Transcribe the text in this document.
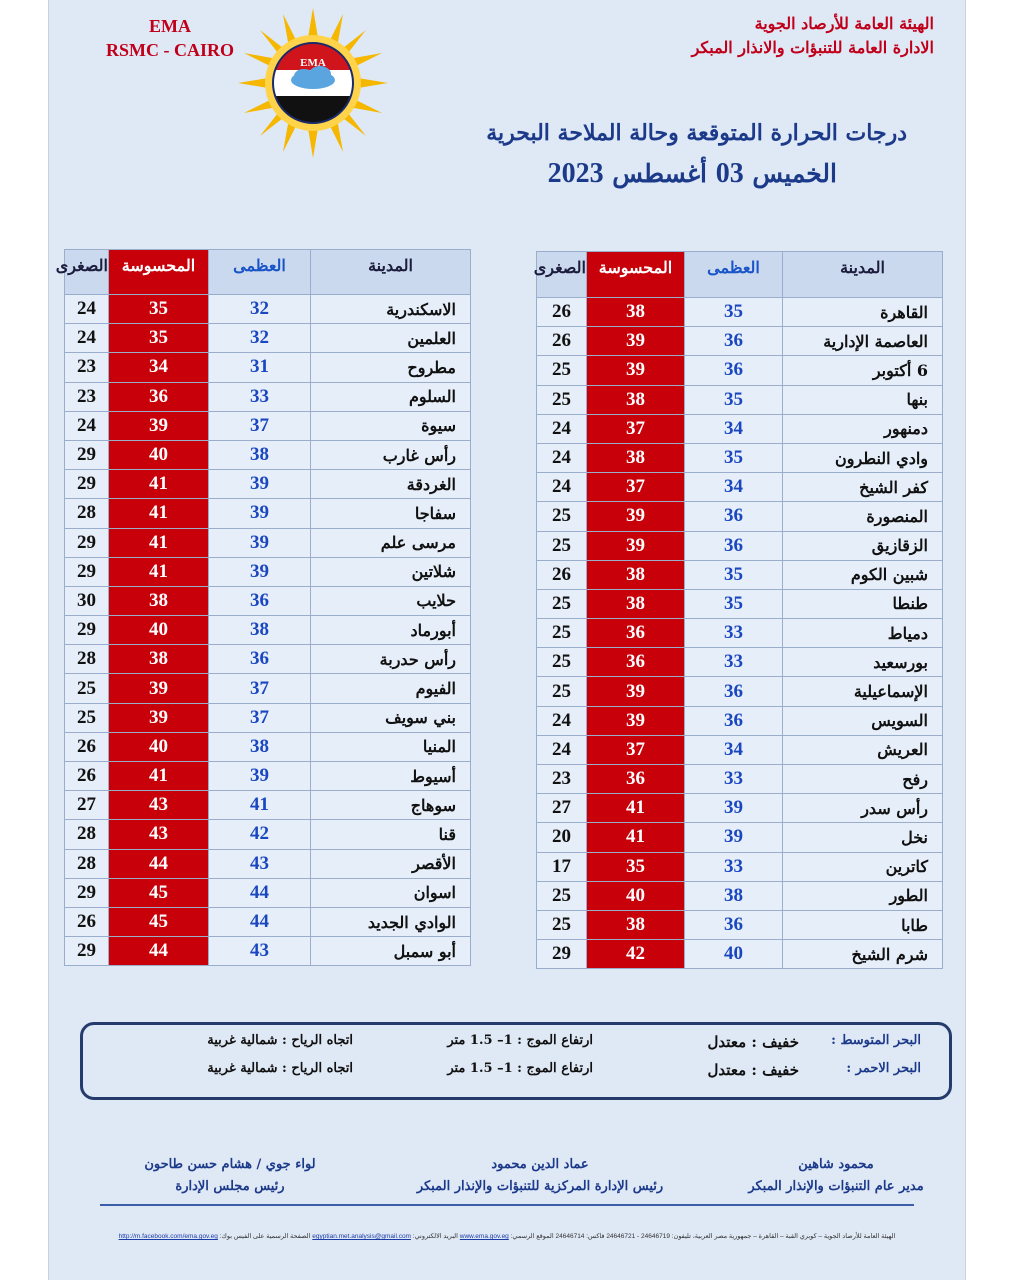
EMA
RSMC - CAIRO
EMA
الهيئة العامة للأرصاد الجوية
الادارة العامة للتنبؤات والانذار المبكر
درجات الحرارة المتوقعة وحالة الملاحة البحرية
الخميس 03 أغسطس 2023
المدينة	العظمى	المحسوسة	الصغرى
القاهرة	35	38	26
العاصمة الإدارية	36	39	26
6 أكتوبر	36	39	25
بنها	35	38	25
دمنهور	34	37	24
وادي النطرون	35	38	24
كفر الشيخ	34	37	24
المنصورة	36	39	25
الزقازيق	36	39	25
شبين الكوم	35	38	26
طنطا	35	38	25
دمياط	33	36	25
بورسعيد	33	36	25
الإسماعيلية	36	39	25
السويس	36	39	24
العريش	34	37	24
رفح	33	36	23
رأس سدر	39	41	27
نخل	39	41	20
كاترين	33	35	17
الطور	38	40	25
طابا	36	38	25
شرم الشيخ	40	42	29
المدينة	العظمى	المحسوسة	الصغرى
الاسكندرية	32	35	24
العلمين	32	35	24
مطروح	31	34	23
السلوم	33	36	23
سيوة	37	39	24
رأس غارب	38	40	29
الغردقة	39	41	29
سفاجا	39	41	28
مرسى علم	39	41	29
شلاتين	39	41	29
حلايب	36	38	30
أبورماد	38	40	29
رأس حدربة	36	38	28
الفيوم	37	39	25
بني سويف	37	39	25
المنيا	38	40	26
أسيوط	39	41	26
سوهاج	41	43	27
قنا	42	43	28
الأقصر	43	44	28
اسوان	44	45	29
الوادي الجديد	44	45	26
أبو سمبل	43	44	29
البحر المتوسط :
خفيف : معتدل
ارتفاع الموج : 1– 1.5 متر
اتجاه الرياح : شمالية غربية
البحر الاحمر :
خفيف : معتدل
ارتفاع الموج : 1– 1.5 متر
اتجاه الرياح : شمالية غربية
محمود شاهين
مدير عام التنبؤات والإنذار المبكر
عماد الدين محمود
رئيس الإدارة المركزية للتنبؤات والإنذار المبكر
لواء جوي / هشام حسن طاحون
رئيس مجلس الإدارة
الهيئة العامة للأرصاد الجوية – كوبري القبة – القاهرة – جمهورية مصر العربية، تليفون: 24646719 - 24646721 فاكس: 24646714 الموقع الرسمي: www.ema.gov.eg البريد الالكتروني: egyptian.met.analysis@gmail.com الصفحة الرسمية على الفيس بوك: http://m.facebook.com/ema.gov.eg
